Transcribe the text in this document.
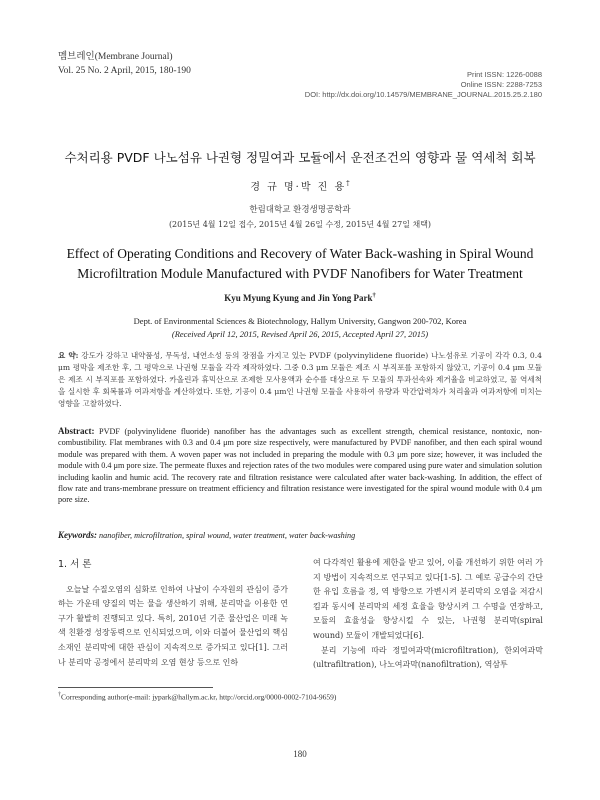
멤브레인(Membrane Journal)
Vol. 25 No. 2 April, 2015, 180-190	Print ISSN: 1226-0088
Online ISSN: 2288-7253
DOI: http://dx.doi.org/10.14579/MEMBRANE_JOURNAL.2015.25.2.180
수처리용 PVDF 나노섬유 나권형 정밀여과 모듈에서 운전조건의 영향과 물 역세척 회복
경 규 명·박 진 용†
한림대학교 환경생명공학과
(2015년 4월 12일 접수, 2015년 4월 26일 수정, 2015년 4월 27일 채택)
Effect of Operating Conditions and Recovery of Water Back-washing in Spiral Wound
Microfiltration Module Manufactured with PVDF Nanofibers for Water Treatment
Kyu Myung Kyung and Jin Yong Park†
Dept. of Environmental Sciences & Biotechnology, Hallym University, Gangwon 200-702, Korea
(Received April 12, 2015, Revised April 26, 2015, Accepted April 27, 2015)
요 약: 강도가 강하고 내약품성, 무독성, 내연소성 등의 장점을 가지고 있는 PVDF (polyvinylidene fluoride) 나노섬유로 기공이 각각 0.3, 0.4 μm 평막을 제조한 후, 그 평막으로 나권형 모듈을 각각 제작하였다. 그중 0.3 μm 모듈은 제조 시 부직포를 포함하지 않았고, 기공이 0.4 μm 모듈은 제조 시 부직포를 포함하였다. 카올린과 휴믹산으로 조제한 모사용액과 순수를 대상으로 두 모듈의 투과선속와 제거율을 비교하였고, 물 역세척을 실시한 후 회복률과 여과저항을 계산하였다. 또한, 기공이 0.4 μm인 나권형 모듈을 사용하여 유량과 막간압력차가 처리율과 여과저항에 미치는 영향을 고찰하였다.
Abstract: PVDF (polyvinylidene fluoride) nanofiber has the advantages such as excellent strength, chemical resistance, nontoxic, non-combustibility. Flat membranes with 0.3 and 0.4 μm pore size respectively, were manufactured by PVDF nanofiber, and then each spiral wound module was prepared with them. A woven paper was not included in preparing the module with 0.3 μm pore size; however, it was included the module with 0.4 μm pore size. The permeate fluxes and rejection rates of the two modules were compared using pure water and simulation solution including kaolin and humic acid. The recovery rate and filtration resistance were calculated after water back-washing. In addition, the effect of flow rate and trans-membrane pressure on treatment efficiency and filtration resistance were investigated for the spiral wound module with 0.4 μm pore size.
Keywords: nanofiber, microfiltration, spiral wound, water treatment, water back-washing
1. 서 론

오늘날 수질오염의 심화로 인하여 나날이 수자원의 관심이 증가하는 가운데 양질의 먹는 물을 생산하기 위해, 분리막을 이용한 연구가 활발히 진행되고 있다. 특히, 2010년 기준 물산업은 미래 녹색 친환경 성장동력으로 인식되었으며, 이와 더불어 물산업의 핵심소재인 분리막에 대한 관심이 지속적으로 증가되고 있다[1]. 그러나 분리막 공정에서 분리막의 오염 현상 등으로 인하

여 다각적인 활용에 제한을 받고 있어, 이를 개선하기 위한 여러 가지 방법이 지속적으로 연구되고 있다[1-5]. 그 예로 공급수의 간단한 유입 흐름을 정, 역 방향으로 가변시켜 분리막의 오염을 저감시킴과 동시에 분리막의 세정 효율을 향상시켜 그 수명을 연장하고, 모듈의 효율성을 향상시킬 수 있는, 나권형 분리막(spiral wound) 모듈이 개발되었다[6].

분리 기능에 따라 정밀여과막(microfiltration), 한외여과막(ultrafiltration), 나노여과막(nanofiltration), 역삼투

†Corresponding author(e-mail: jypark@hallym.ac.kr, http://orcid.org/0000-0002-7104-9659)
180
